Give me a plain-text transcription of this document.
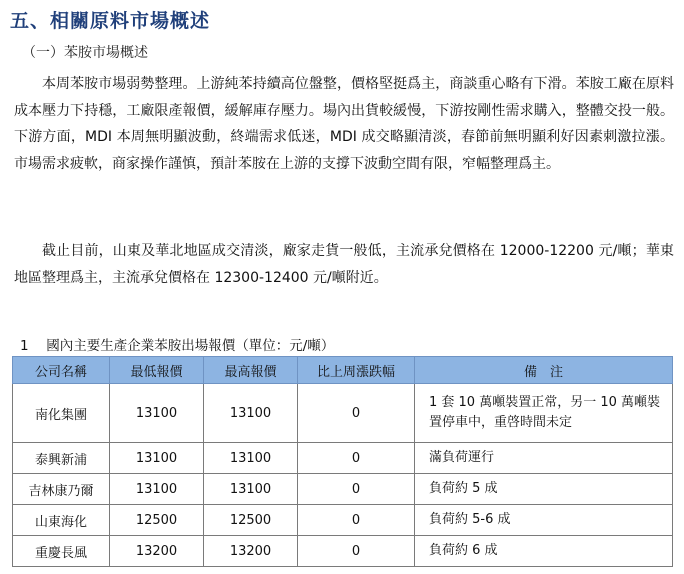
五、相關原料市場概述
（一）苯胺市場概述
本周苯胺市場弱勢整理。上游純苯持續高位盤整，價格堅挺爲主，商談重心略有下滑。苯胺工廠在原料成本壓力下持穩，工廠限產報價，緩解庫存壓力。場內出貨較緩慢，下游按剛性需求購入，整體交投一般。下游方面，MDI 本周無明顯波動，終端需求低迷，MDI 成交略顯清淡，春節前無明顯利好因素刺激拉漲。市場需求疲軟，商家操作謹慎，預計苯胺在上游的支撐下波動空間有限，窄幅整理爲主。
截止目前，山東及華北地區成交清淡，廠家走貨一般低，主流承兌價格在 12000-12200 元/噸；華東地區整理爲主，主流承兌價格在 12300-12400 元/噸附近。
1 國內主要生產企業苯胺出場報價（單位：元/噸）
公司名稱	最低報價	最高報價	比上周漲跌幅	備　注
南化集團	13100	13100	0	1 套 10 萬噸裝置正常，另一 10 萬噸裝置停車中，重啓時間未定
泰興新浦	13100	13100	0	滿負荷運行
吉林康乃爾	13100	13100	0	負荷約 5 成
山東海化	12500	12500	0	負荷約 5-6 成
重慶長風	13200	13200	0	負荷約 6 成
